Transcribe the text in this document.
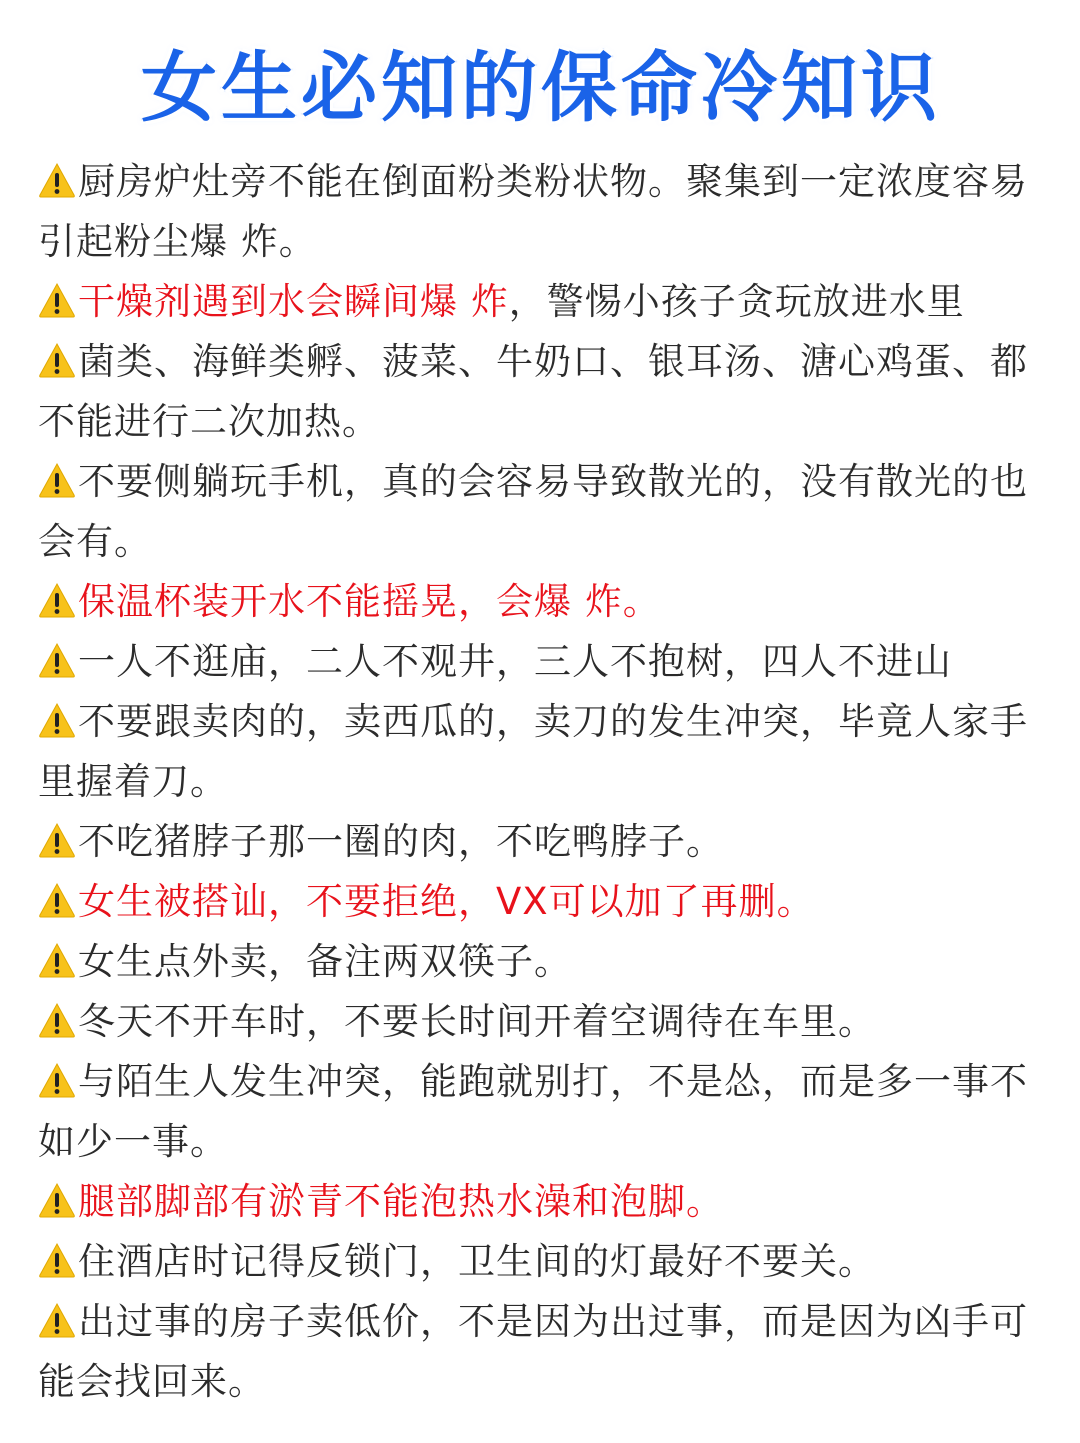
女生必知的保命冷知识
厨房炉灶旁不能在倒面粉类粉状物。聚集到一定浓度容易引起粉尘爆 炸。
干燥剂遇到水会瞬间爆 炸，警惕小孩子贪玩放进水里
菌类、海鲜类孵、菠菜、牛奶口、银耳汤、溏心鸡蛋、都不能进行二次加热。
不要侧躺玩手机，真的会容易导致散光的，没有散光的也会有。
保温杯装开水不能摇晃，会爆 炸。
一人不逛庙，二人不观井，三人不抱树，四人不进山
不要跟卖肉的，卖西瓜的，卖刀的发生冲突，毕竟人家手里握着刀。
不吃猪脖子那一圈的肉，不吃鸭脖子。
女生被搭讪，不要拒绝，VX可以加了再删。
女生点外卖，备注两双筷子。
冬天不开车时，不要长时间开着空调待在车里。
与陌生人发生冲突，能跑就别打，不是怂，而是多一事不如少一事。
腿部脚部有淤青不能泡热水澡和泡脚。
住酒店时记得反锁门，卫生间的灯最好不要关。
出过事的房子卖低价，不是因为出过事，而是因为凶手可能会找回来。
